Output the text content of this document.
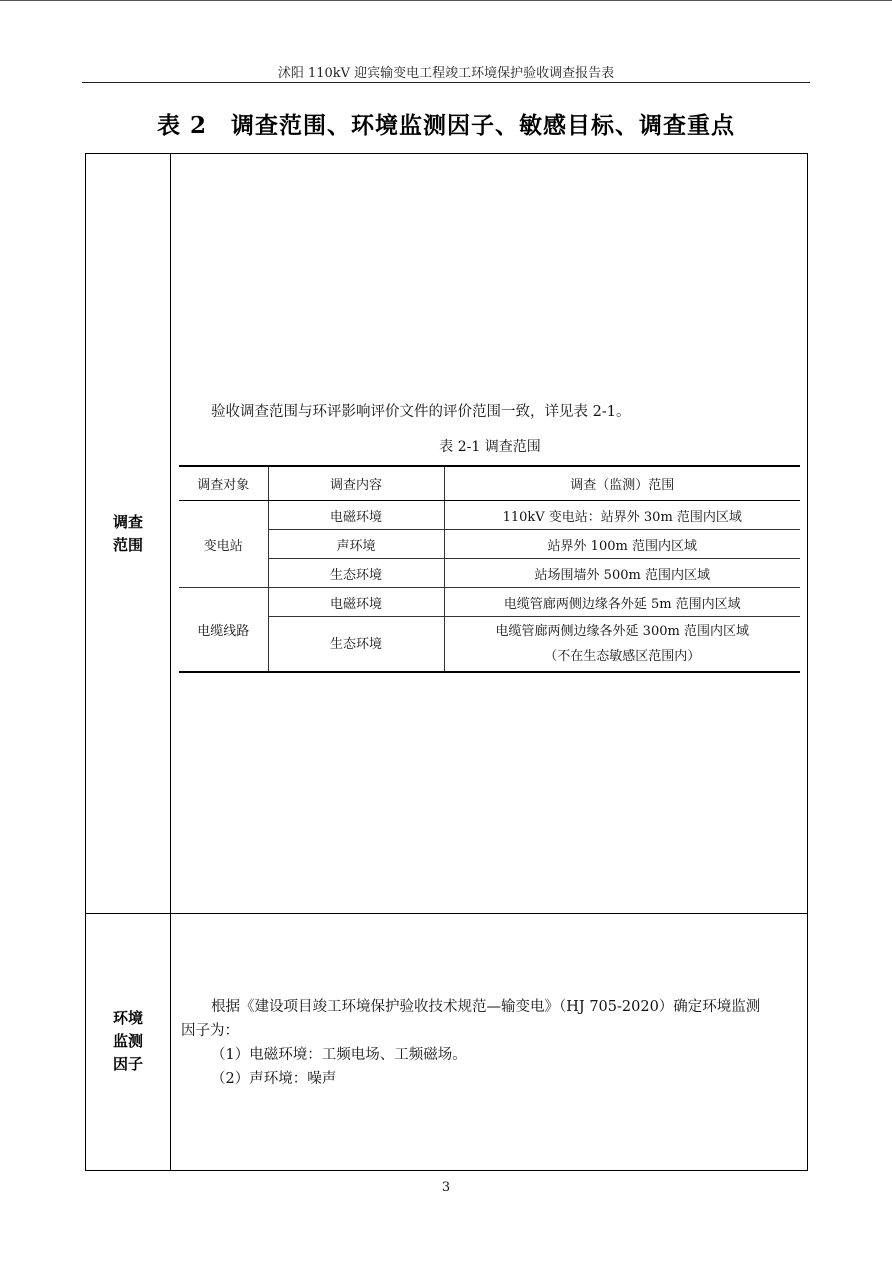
沭阳 110kV 迎宾输变电工程竣工环境保护验收调查报告表
表 2　调查范围、环境监测因子、敏感目标、调查重点
调查
范围
环境
监测
因子
验收调查范围与环评影响评价文件的评价范围一致，详见表 2-1。
表 2-1 调查范围
调查对象	调查内容	调查（监测）范围
变电站	电磁环境	110kV 变电站：站界外 30m 范围内区域
	声环境	站界外 100m 范围内区域
	生态环境	站场围墙外 500m 范围内区域
电缆线路	电磁环境	电缆管廊两侧边缘各外延 5m 范围内区域
	生态环境	电缆管廊两侧边缘各外延 300m 范围内区域
（不在生态敏感区范围内）
根据《建设项目竣工环境保护验收技术规范—输变电》（HJ 705-2020）确定环境监测
因子为：
（1）电磁环境：工频电场、工频磁场。
（2）声环境：噪声
3
